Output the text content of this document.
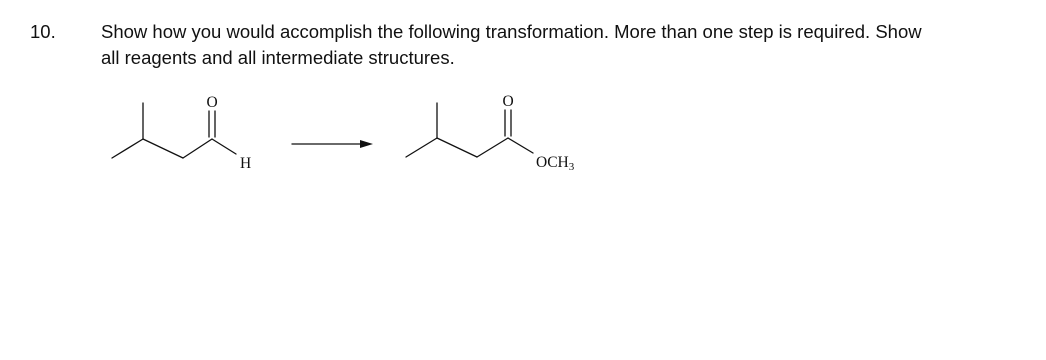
10. Show how you would accomplish the following transformation. More than one step is required. Show
all reagents and all intermediate structures.
O
H
O
OCH3
